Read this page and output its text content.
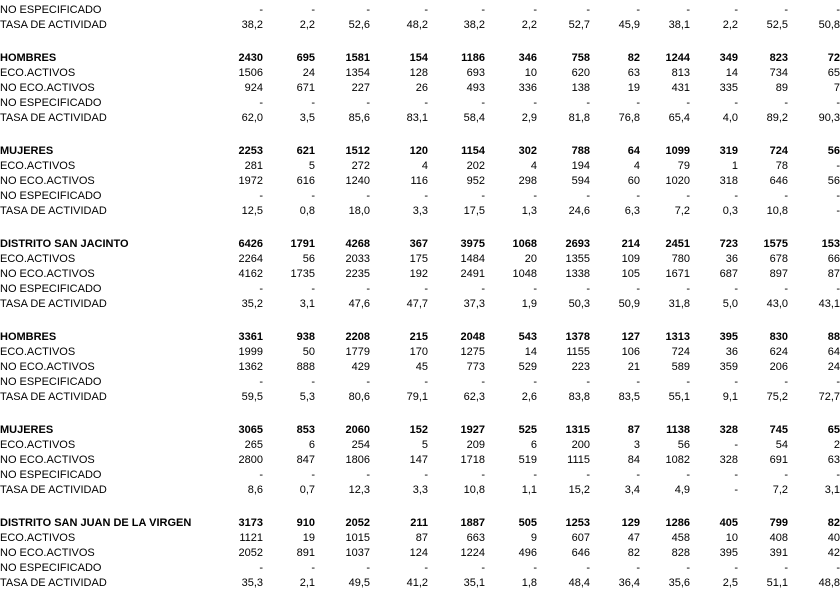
NO ESPECIFICADO	-	-	-	-	-	-	-	-	-	-	-	-
TASA DE ACTIVIDAD	38,2	2,2	52,6	48,2	38,2	2,2	52,7	45,9	38,1	2,2	52,5	50,8

HOMBRES	2430	695	1581	154	1186	346	758	82	1244	349	823	72
ECO.ACTIVOS	1506	24	1354	128	693	10	620	63	813	14	734	65
NO ECO.ACTIVOS	924	671	227	26	493	336	138	19	431	335	89	7
NO ESPECIFICADO	-	-	-	-	-	-	-	-	-	-	-	-
TASA DE ACTIVIDAD	62,0	3,5	85,6	83,1	58,4	2,9	81,8	76,8	65,4	4,0	89,2	90,3

MUJERES	2253	621	1512	120	1154	302	788	64	1099	319	724	56
ECO.ACTIVOS	281	5	272	4	202	4	194	4	79	1	78	-
NO ECO.ACTIVOS	1972	616	1240	116	952	298	594	60	1020	318	646	56
NO ESPECIFICADO	-	-	-	-	-	-	-	-	-	-	-	-
TASA DE ACTIVIDAD	12,5	0,8	18,0	3,3	17,5	1,3	24,6	6,3	7,2	0,3	10,8	-

DISTRITO SAN JACINTO	6426	1791	4268	367	3975	1068	2693	214	2451	723	1575	153
ECO.ACTIVOS	2264	56	2033	175	1484	20	1355	109	780	36	678	66
NO ECO.ACTIVOS	4162	1735	2235	192	2491	1048	1338	105	1671	687	897	87
NO ESPECIFICADO	-	-	-	-	-	-	-	-	-	-	-	-
TASA DE ACTIVIDAD	35,2	3,1	47,6	47,7	37,3	1,9	50,3	50,9	31,8	5,0	43,0	43,1

HOMBRES	3361	938	2208	215	2048	543	1378	127	1313	395	830	88
ECO.ACTIVOS	1999	50	1779	170	1275	14	1155	106	724	36	624	64
NO ECO.ACTIVOS	1362	888	429	45	773	529	223	21	589	359	206	24
NO ESPECIFICADO	-	-	-	-	-	-	-	-	-	-	-	-
TASA DE ACTIVIDAD	59,5	5,3	80,6	79,1	62,3	2,6	83,8	83,5	55,1	9,1	75,2	72,7

MUJERES	3065	853	2060	152	1927	525	1315	87	1138	328	745	65
ECO.ACTIVOS	265	6	254	5	209	6	200	3	56	-	54	2
NO ECO.ACTIVOS	2800	847	1806	147	1718	519	1115	84	1082	328	691	63
NO ESPECIFICADO	-	-	-	-	-	-	-	-	-	-	-	-
TASA DE ACTIVIDAD	8,6	0,7	12,3	3,3	10,8	1,1	15,2	3,4	4,9	-	7,2	3,1

DISTRITO SAN JUAN DE LA VIRGEN	3173	910	2052	211	1887	505	1253	129	1286	405	799	82
ECO.ACTIVOS	1121	19	1015	87	663	9	607	47	458	10	408	40
NO ECO.ACTIVOS	2052	891	1037	124	1224	496	646	82	828	395	391	42
NO ESPECIFICADO	-	-	-	-	-	-	-	-	-	-	-	-
TASA DE ACTIVIDAD	35,3	2,1	49,5	41,2	35,1	1,8	48,4	36,4	35,6	2,5	51,1	48,8
